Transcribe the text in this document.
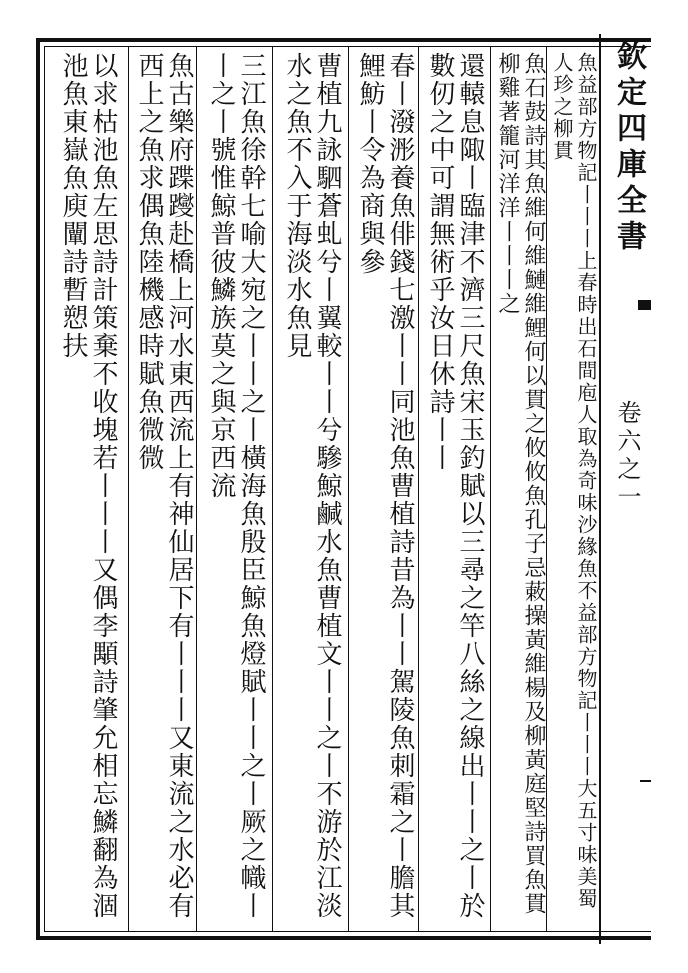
欽定四庫全書
卷六之一
魚益部方物記丨丨丨上春時出石間庖人取為奇味沙緣魚不益部方物記丨丨丨大五寸味美蜀人珍之柳貫
魚石鼓詩其魚維何維鰱維鯉何以貫之攸攸魚孔子忌䔩操黃維楊及柳黃庭堅詩買魚貫柳雞著籠河洋洋丨丨丨之
還轅息陬丨臨津不濟三尺魚宋玉釣賦以三尋之竿八絲之線出丨丨之丨於數仞之中可謂無術乎汝日休詩丨丨
春丨潑浵養魚俳錢七激丨丨同池魚曹植詩昔為丨丨駕陵魚刺霜之丨膽其鯉魴丨令為商與參
曹植九詠駟蒼虬兮丨翼較丨丨兮驂鯨鹹水魚曹植文丨丨之丨不游於江淡水之魚不入于海淡水魚見
三江魚徐幹七喻大宛之丨丨之丨橫海魚殷臣鯨魚燈賦丨丨之丨厥之幟丨丨之丨號惟鯨普彼鱗族莫之與京西流
魚古樂府蹀躞赴橋上河水東西流上有神仙居下有丨丨丨又東流之水必有西上之魚求偶魚陸機感時賦魚微微
以求枯池魚左思詩計策棄不收塊若丨丨丨又偶李顒詩肇允相忘鱗翻為涸池魚東嶽魚庾闡詩暫愬扶
